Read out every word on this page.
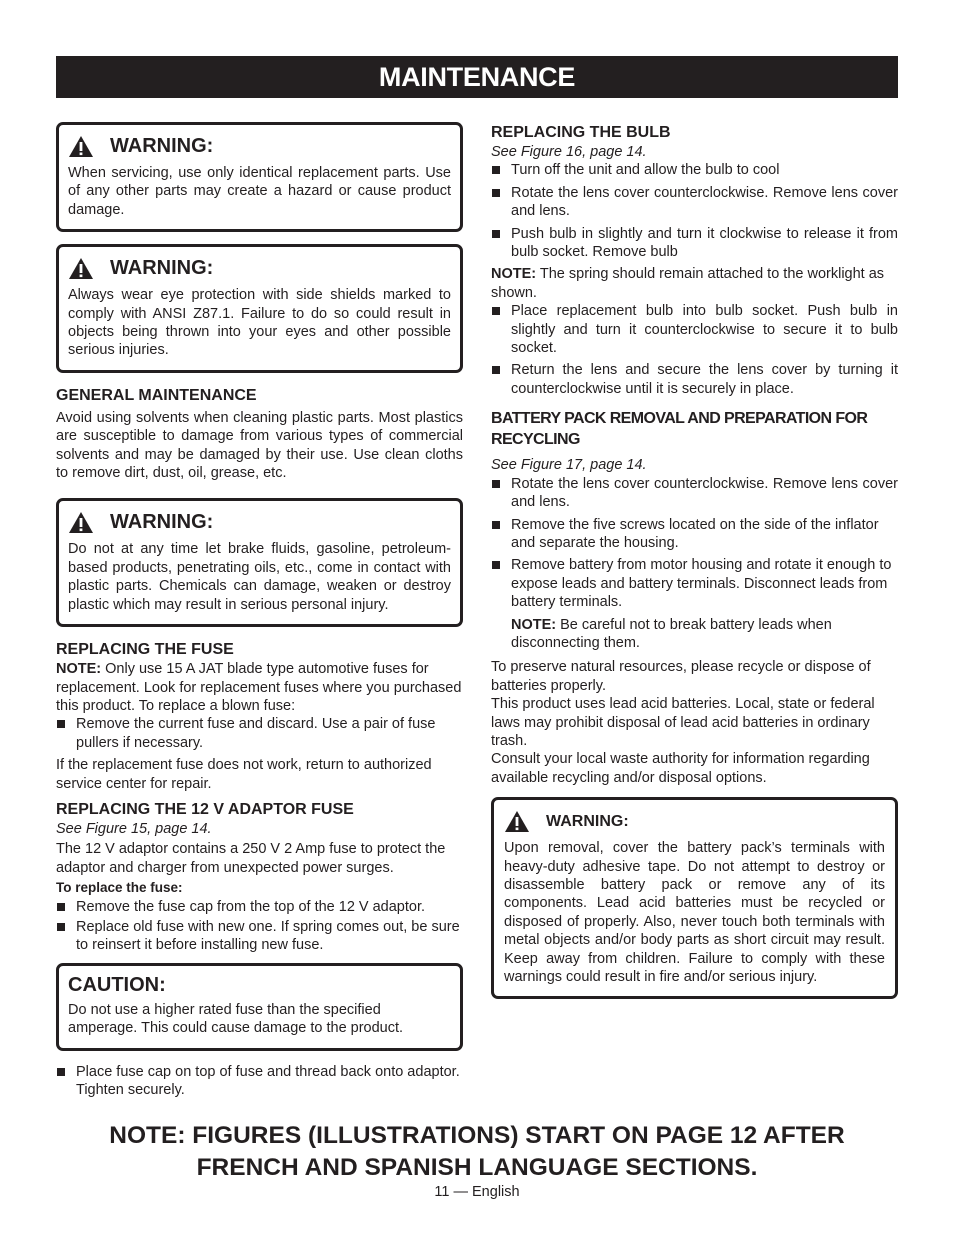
MAINTENANCE
WARNING:
When servicing, use only identical replacement parts. Use of any other parts may create a hazard or cause product damage.
WARNING:
Always wear eye protection with side shields marked to comply with ANSI Z87.1. Failure to do so could result in objects being thrown into your eyes and other possible serious injuries.
GENERAL MAINTENANCE

Avoid using solvents when cleaning plastic parts. Most plastics are susceptible to damage from various types of commercial solvents and may be damaged by their use. Use clean cloths to remove dirt, dust, oil, grease, etc.

WARNING:
Do not at any time let brake fluids, gasoline, petroleum-based products, penetrating oils, etc., come in contact with plastic parts. Chemicals can damage, weaken or destroy plastic which may result in serious personal injury.
REPLACING THE FUSE

NOTE: Only use 15 A JAT blade type automotive fuses for replacement. Look for replacement fuses where you purchased this product. To replace a blown fuse:

Remove the current fuse and discard. Use a pair of fuse pullers if necessary.

If the replacement fuse does not work, return to authorized service center for repair.

REPLACING THE 12 V ADAPTOR FUSE

See Figure 15, page 14.

The 12 V adaptor contains a 250 V 2 Amp fuse to protect the adaptor and charger from unexpected power surges.

To replace the fuse:

Remove the fuse cap from the top of the 12 V adaptor.
Replace old fuse with new one. If spring comes out, be sure to reinsert it before installing new fuse.
CAUTION:
Do not use a higher rated fuse than the specified amperage. This could cause damage to the product.
Place fuse cap on top of fuse and thread back onto adaptor. Tighten securely.
REPLACING THE BULB

See Figure 16, page 14.

Turn off the unit and allow the bulb to cool
Rotate the lens cover counterclockwise. Remove lens cover and lens.
Push bulb in slightly and turn it clockwise to release it from bulb socket. Remove bulb

NOTE: The spring should remain attached to the worklight as shown.

Place replacement bulb into bulb socket. Push bulb in slightly and turn it counterclockwise to secure it to bulb socket.
Return the lens and secure the lens cover by turning it counterclockwise until it is securely in place.
BATTERY PACK REMOVAL AND PREPARATION FOR RECYCLING

See Figure 17, page 14.

Rotate the lens cover counterclockwise. Remove lens cover and lens.
Remove the five screws located on the side of the inflator and separate the housing.
Remove battery from motor housing and rotate it enough to expose leads and battery terminals. Disconnect leads from battery terminals.

NOTE: Be careful not to break battery leads when disconnecting them.

To preserve natural resources, please recycle or dispose of batteries properly.

This product uses lead acid batteries. Local, state or federal laws may prohibit disposal of lead acid batteries in ordinary trash.

Consult your local waste authority for information regarding available recycling and/or disposal options.

WARNING:
Upon removal, cover the battery pack’s terminals with heavy-duty adhesive tape. Do not attempt to destroy or disassemble battery pack or remove any of its components. Lead acid batteries must be recycled or disposed of properly. Also, never touch both terminals with metal objects and/or body parts as short circuit may result. Keep away from children. Failure to comply with these warnings could result in fire and/or serious injury.
NOTE: FIGURES (ILLUSTRATIONS) START ON PAGE 12 AFTER FRENCH AND SPANISH LANGUAGE SECTIONS.
11 — English
